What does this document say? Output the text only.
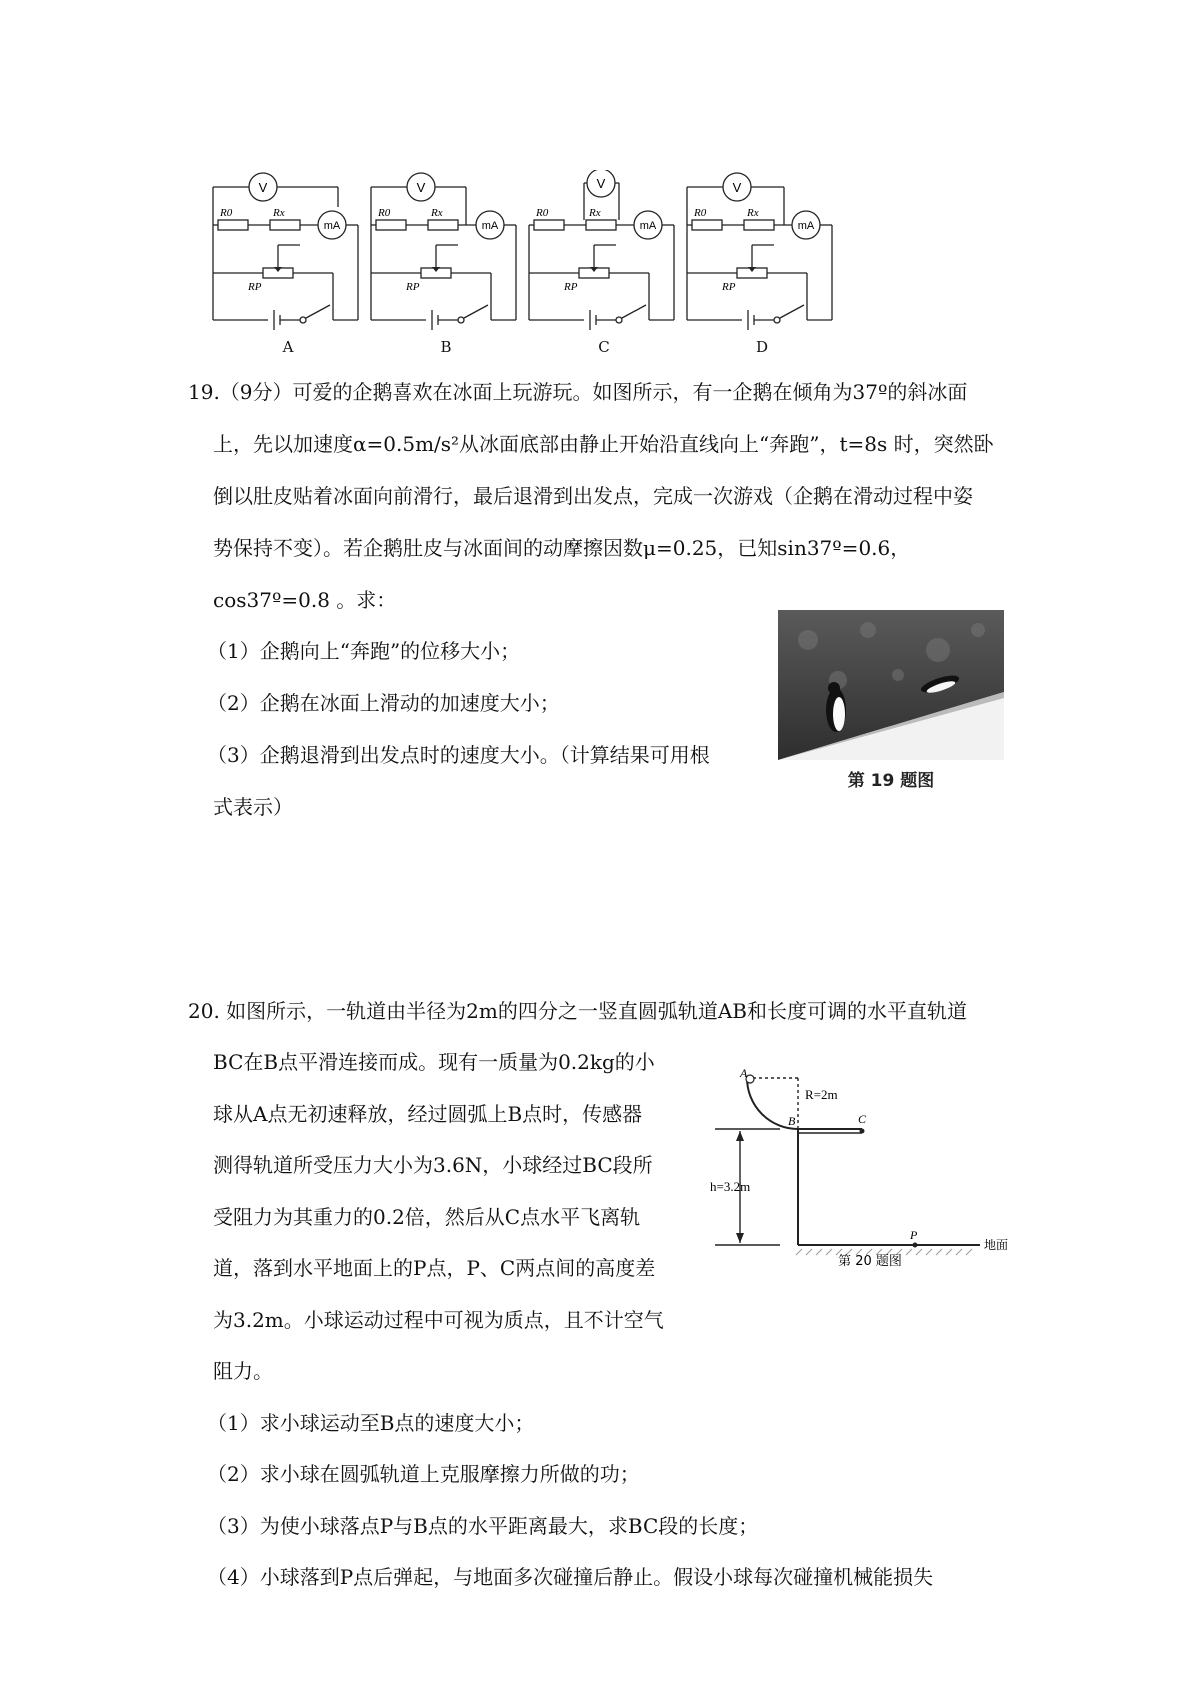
V
mA
R0	Rx
RP
A
V
mA
R0	Rx
RP
B
V
mA
R0	Rx
RP
C
V
mA
R0	Rx
RP
D
19.（9分）可爱的企鹅喜欢在冰面上玩游玩。如图所示，有一企鹅在倾角为37º的斜冰面
上，先以加速度α=0.5m/s²从冰面底部由静止开始沿直线向上“奔跑”，t=8s 时，突然卧
倒以肚皮贴着冰面向前滑行，最后退滑到出发点，完成一次游戏（企鹅在滑动过程中姿
势保持不变）。若企鹅肚皮与冰面间的动摩擦因数μ=0.25，已知sin37º=0.6，
cos37º=0.8 。求：
（1）企鹅向上“奔跑”的位移大小；
（2）企鹅在冰面上滑动的加速度大小；
（3）企鹅退滑到出发点时的速度大小。（计算结果可用根
式表示）
第 19 题图
20. 如图所示，一轨道由半径为2m的四分之一竖直圆弧轨道AB和长度可调的水平直轨道
BC在B点平滑连接而成。现有一质量为0.2kg的小
球从A点无初速释放，经过圆弧上B点时，传感器
测得轨道所受压力大小为3.6N，小球经过BC段所
受阻力为其重力的0.2倍，然后从C点水平飞离轨
道，落到水平地面上的P点，P、C两点间的高度差
为3.2m。小球运动过程中可视为质点，且不计空气
阻力。
（1）求小球运动至B点的速度大小；
（2）求小球在圆弧轨道上克服摩擦力所做的功；
（3）为使小球落点P与B点的水平距离最大，求BC段的长度；
（4）小球落到P点后弹起，与地面多次碰撞后静止。假设小球每次碰撞机械能损失
A
B	C
P
R=2m
h=3.2m
地面
第 20 题图
